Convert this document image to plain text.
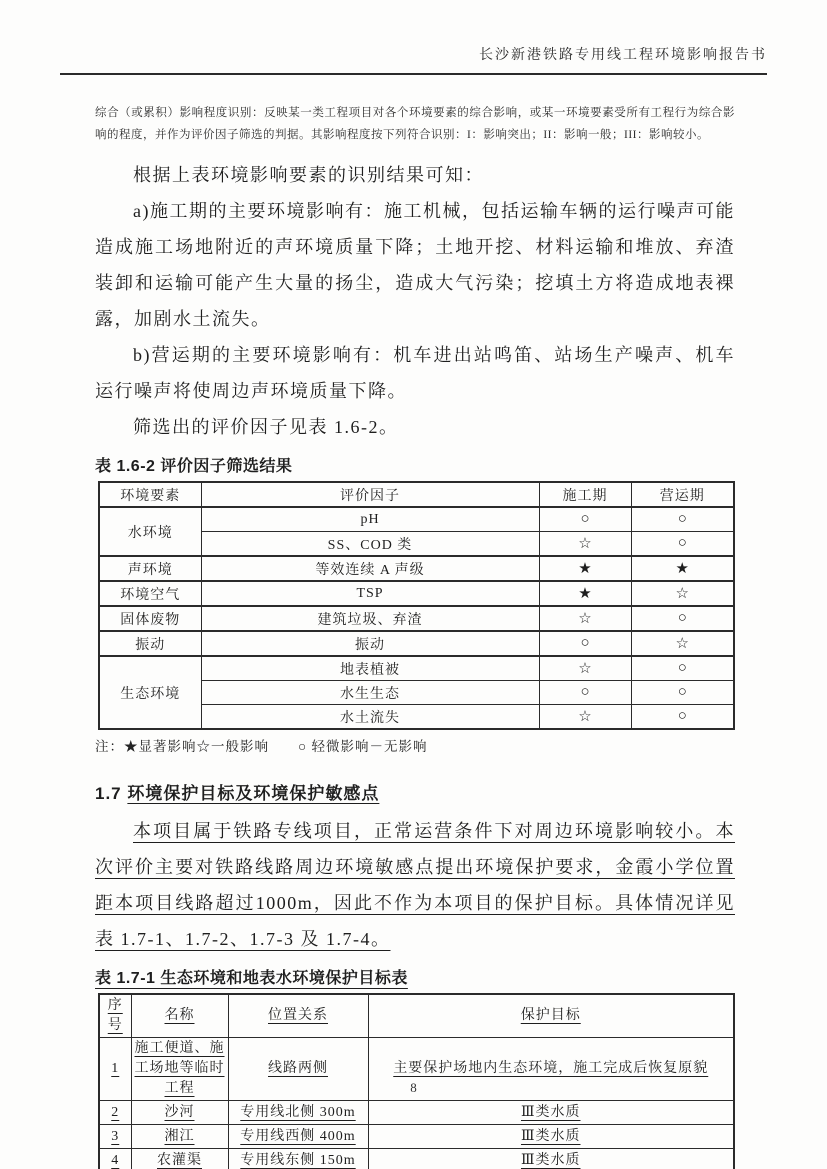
长沙新港铁路专用线工程环境影响报告书

综合（或累积）影响程度识别：反映某一类工程项目对各个环境要素的综合影响，或某一环境要素受所有工程行为综合影响的程度，并作为评价因子筛选的判据。其影响程度按下列符合识别：I：影响突出；II：影响一般；III：影响较小。

根据上表环境影响要素的识别结果可知：

a)施工期的主要环境影响有：施工机械，包括运输车辆的运行噪声可能造成施工场地附近的声环境质量下降；土地开挖、材料运输和堆放、弃渣装卸和运输可能产生大量的扬尘，造成大气污染；挖填土方将造成地表裸露，加剧水土流失。

b)营运期的主要环境影响有：机车进出站鸣笛、站场生产噪声、机车运行噪声将使周边声环境质量下降。

筛选出的评价因子见表 1.6-2。

表 1.6-2 评价因子筛选结果
环境要素	评价因子	施工期	营运期
水环境	pH	○	○
	SS、COD 类	☆	○
声环境	等效连续 A 声级	★	★
环境空气	TSP	★	☆
固体废物	建筑垃圾、弃渣	☆	○
振动	振动	○	☆
生态环境	地表植被	☆	○
	水生生态	○	○
	水土流失	☆	○

注：★显著影响☆一般影响　　○ 轻微影响－无影响

1.7 环境保护目标及环境保护敏感点

本项目属于铁路专线项目，正常运营条件下对周边环境影响较小。本次评价主要对铁路线路周边环境敏感点提出环境保护要求，金霞小学位置距本项目线路超过1000m，因此不作为本项目的保护目标。具体情况详见表 1.7-1、1.7-2、1.7-3 及 1.7-4。

表 1.7-1 生态环境和地表水环境保护目标表
序号	名称	位置关系	保护目标
1	施工便道、施工场地等临时工程	线路两侧	主要保护场地内生态环境，施工完成后恢复原貌
2	沙河	专用线北侧 300m	Ⅲ类水质
3	湘江	专用线西侧 400m	Ⅲ类水质
4	农灌渠	专用线东侧 150m	Ⅲ类水质
8
